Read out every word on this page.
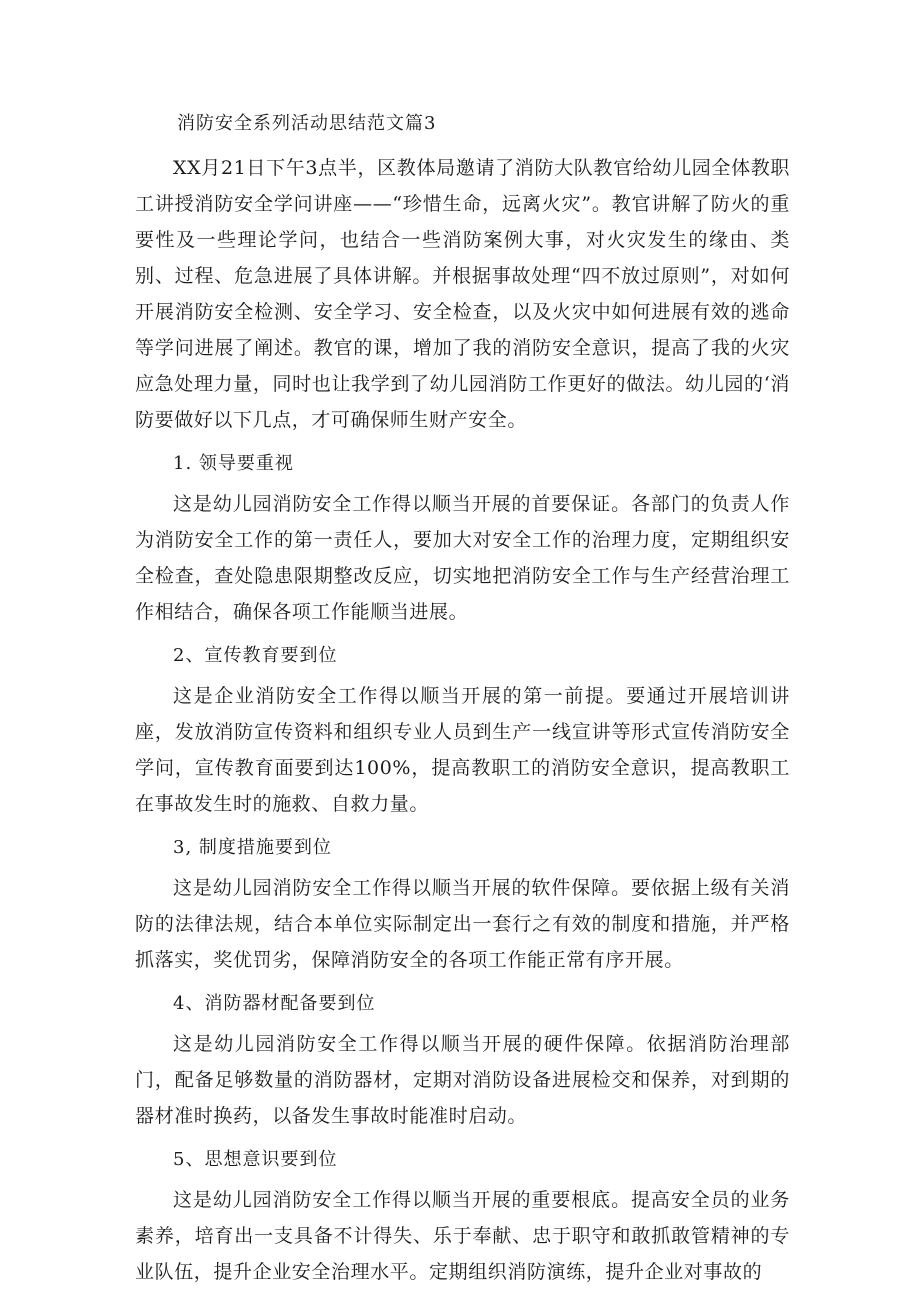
消防安全系列活动思结范文篇3

XX月21日下午3点半，区教体局邀请了消防大队教官给幼儿园全体教职工讲授消防安全学问讲座——“珍惜生命，远离火灾”。教官讲解了防火的重要性及一些理论学问，也结合一些消防案例大事，对火灾发生的缘由、类别、过程、危急进展了具体讲解。并根据事故处理“四不放过原则”，对如何开展消防安全检测、安全学习、安全检查，以及火灾中如何进展有效的逃命等学问进展了阐述。教官的课，增加了我的消防安全意识，提高了我的火灾应急处理力量，同时也让我学到了幼儿园消防工作更好的做法。幼儿园的‘消防要做好以下几点，才可确保师生财产安全。

1. 领导要重视

这是幼儿园消防安全工作得以顺当开展的首要保证。各部门的负责人作为消防安全工作的第一责任人，要加大对安全工作的治理力度，定期组织安全检查，查处隐患限期整改反应，切实地把消防安全工作与生产经营治理工作相结合，确保各项工作能顺当进展。

2、宣传教育要到位

这是企业消防安全工作得以顺当开展的第一前提。要通过开展培训讲座，发放消防宣传资料和组织专业人员到生产一线宣讲等形式宣传消防安全学问，宣传教育面要到达100%，提高教职工的消防安全意识，提高教职工在事故发生时的施救、自救力量。

3, 制度措施要到位

这是幼儿园消防安全工作得以顺当开展的软件保障。要依据上级有关消防的法律法规，结合本单位实际制定出一套行之有效的制度和措施，并严格抓落实，奖优罚劣，保障消防安全的各项工作能正常有序开展。

4、消防器材配备要到位

这是幼儿园消防安全工作得以顺当开展的硬件保障。依据消防治理部门，配备足够数量的消防器材，定期对消防设备进展检交和保养，对到期的器材准时换药，以备发生事故时能准时启动。

5、思想意识要到位

这是幼儿园消防安全工作得以顺当开展的重要根底。提高安全员的业务素养，培育出一支具备不计得失、乐于奉献、忠于职守和敢抓敢管精神的专业队伍，提升企业安全治理水平。定期组织消防演练，提升企业对事故的
